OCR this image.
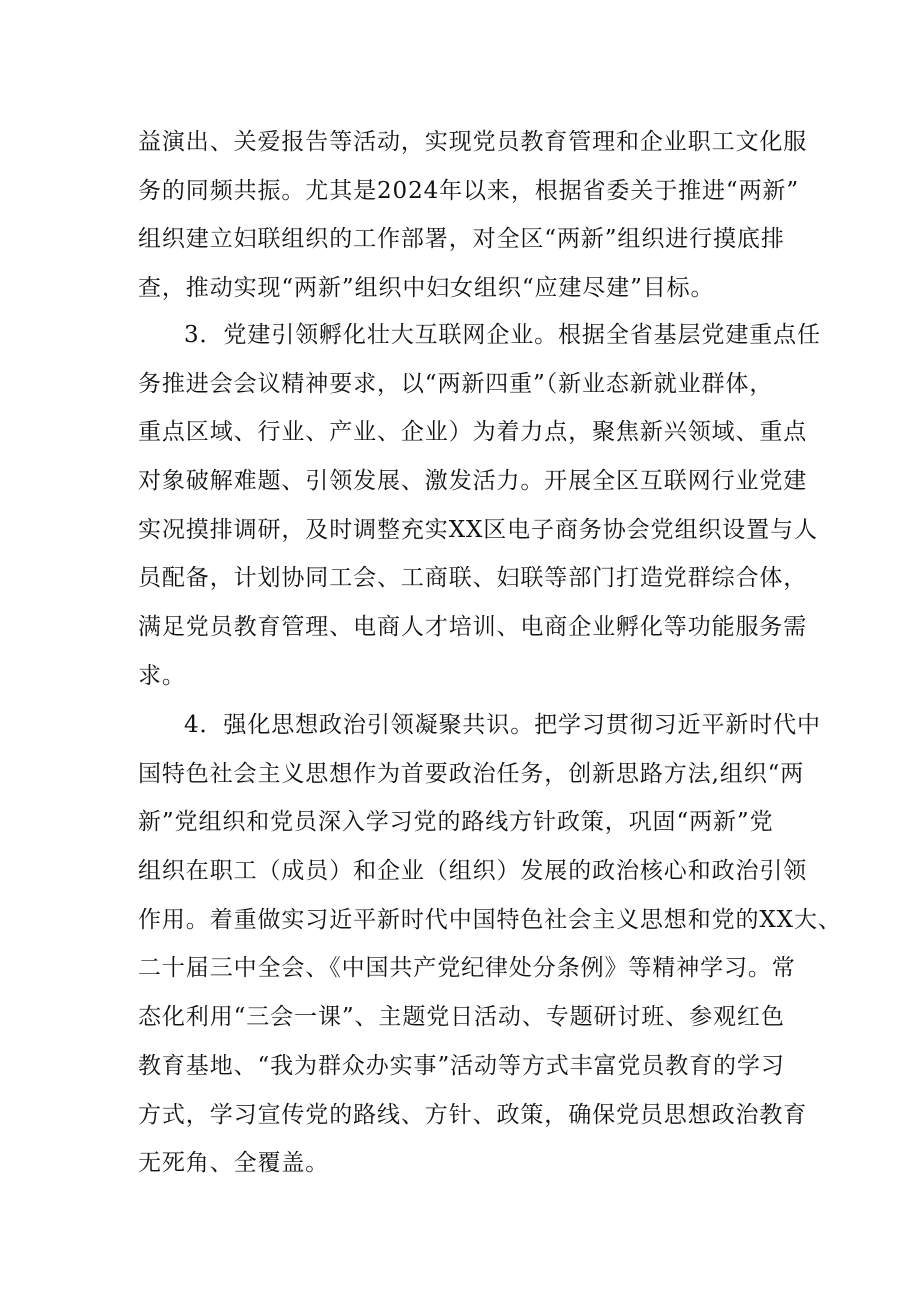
益演出、关爱报告等活动，实现党员教育管理和企业职工文化服
务的同频共振。尤其是2024年以来，根据省委关于推进“两新”
组织建立妇联组织的工作部署，对全区“两新”组织进行摸底排
查，推动实现“两新”组织中妇女组织“应建尽建”目标。
3．党建引领孵化壮大互联网企业。根据全省基层党建重点任
务推进会会议精神要求，以“两新四重”（新业态新就业群体，
重点区域、行业、产业、企业）为着力点，聚焦新兴领域、重点
对象破解难题、引领发展、激发活力。开展全区互联网行业党建
实况摸排调研，及时调整充实XX区电子商务协会党组织设置与人
员配备，计划协同工会、工商联、妇联等部门打造党群综合体，
满足党员教育管理、电商人才培训、电商企业孵化等功能服务需
求。
4．强化思想政治引领凝聚共识。把学习贯彻习近平新时代中
国特色社会主义思想作为首要政治任务，创新思路方法,组织“两
新”党组织和党员深入学习党的路线方针政策，巩固“两新”党
组织在职工（成员）和企业（组织）发展的政治核心和政治引领
作用。着重做实习近平新时代中国特色社会主义思想和党的XX大、
二十届三中全会、《中国共产党纪律处分条例》等精神学习。常
态化利用“三会一课”、主题党日活动、专题研讨班、参观红色
教育基地、“我为群众办实事”活动等方式丰富党员教育的学习
方式，学习宣传党的路线、方针、政策，确保党员思想政治教育
无死角、全覆盖。
